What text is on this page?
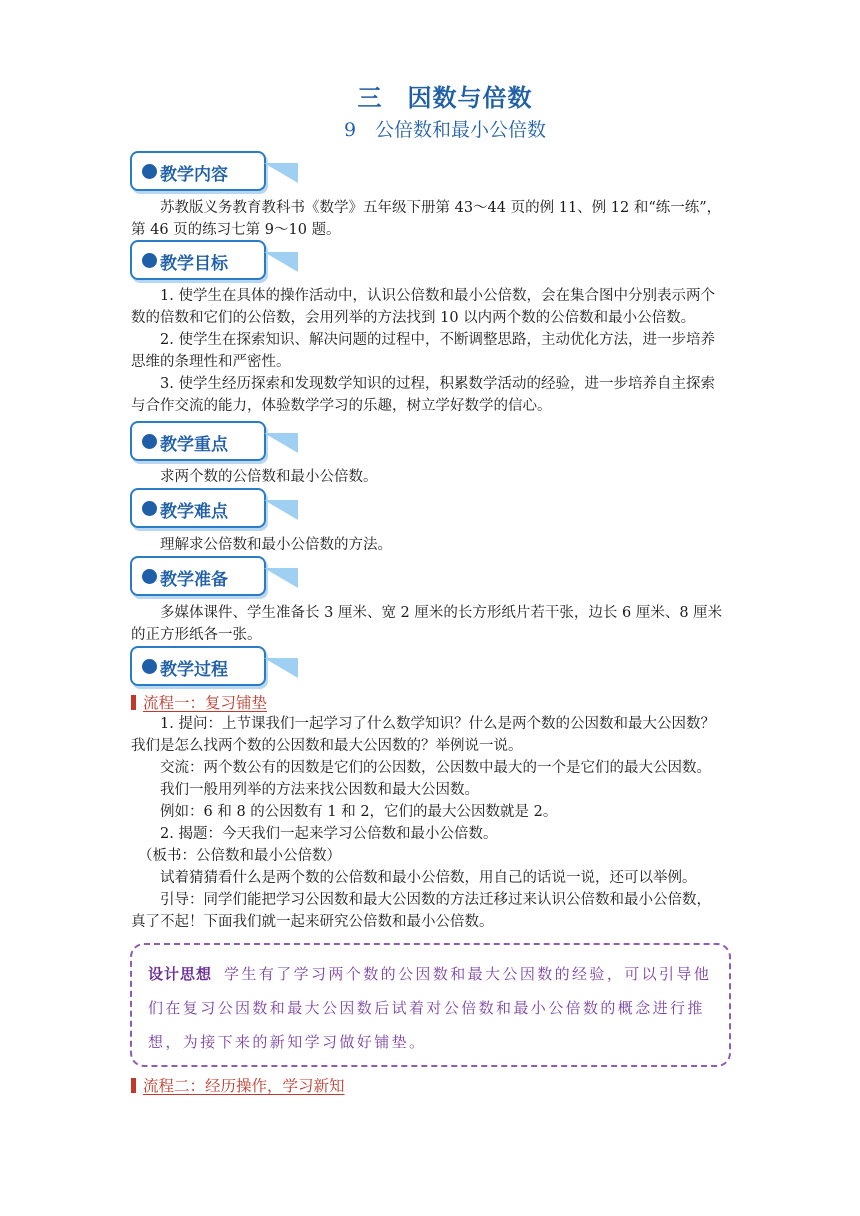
三　因数与倍数
9　公倍数和最小公倍数
教学内容

苏教版义务教育教科书《数学》五年级下册第 43～44 页的例 11、例 12 和“练一练”，
第 46 页的练习七第 9～10 题。

教学目标

1. 使学生在具体的操作活动中，认识公倍数和最小公倍数，会在集合图中分别表示两个
数的倍数和它们的公倍数，会用列举的方法找到 10 以内两个数的公倍数和最小公倍数。
2. 使学生在探索知识、解决问题的过程中，不断调整思路，主动优化方法，进一步培养
思维的条理性和严密性。
3. 使学生经历探索和发现数学知识的过程，积累数学活动的经验，进一步培养自主探索
与合作交流的能力，体验数学学习的乐趣，树立学好数学的信心。

教学重点

求两个数的公倍数和最小公倍数。

教学难点

理解求公倍数和最小公倍数的方法。

教学准备

多媒体课件、学生准备长 3 厘米、宽 2 厘米的长方形纸片若干张，边长 6 厘米、8 厘米
的正方形纸各一张。

教学过程
流程一：复习铺垫

1. 提问：上节课我们一起学习了什么数学知识？什么是两个数的公因数和最大公因数？
我们是怎么找两个数的公因数和最大公因数的？举例说一说。
交流：两个数公有的因数是它们的公因数，公因数中最大的一个是它们的最大公因数。
我们一般用列举的方法来找公因数和最大公因数。
例如：6 和 8 的公因数有 1 和 2，它们的最大公因数就是 2。
2. 揭题：今天我们一起来学习公倍数和最小公倍数。
（板书：公倍数和最小公倍数）
试着猜猜看什么是两个数的公倍数和最小公倍数，用自己的话说一说，还可以举例。
引导：同学们能把学习公因数和最大公因数的方法迁移过来认识公倍数和最小公倍数，
真了不起！下面我们就一起来研究公倍数和最小公倍数。

设计思想 学生有了学习两个数的公因数和最大公因数的经验，可以引导他们在复习公因数和最大公因数后试着对公倍数和最小公倍数的概念进行推想，为接下来的新知学习做好铺垫。
流程二：经历操作，学习新知
